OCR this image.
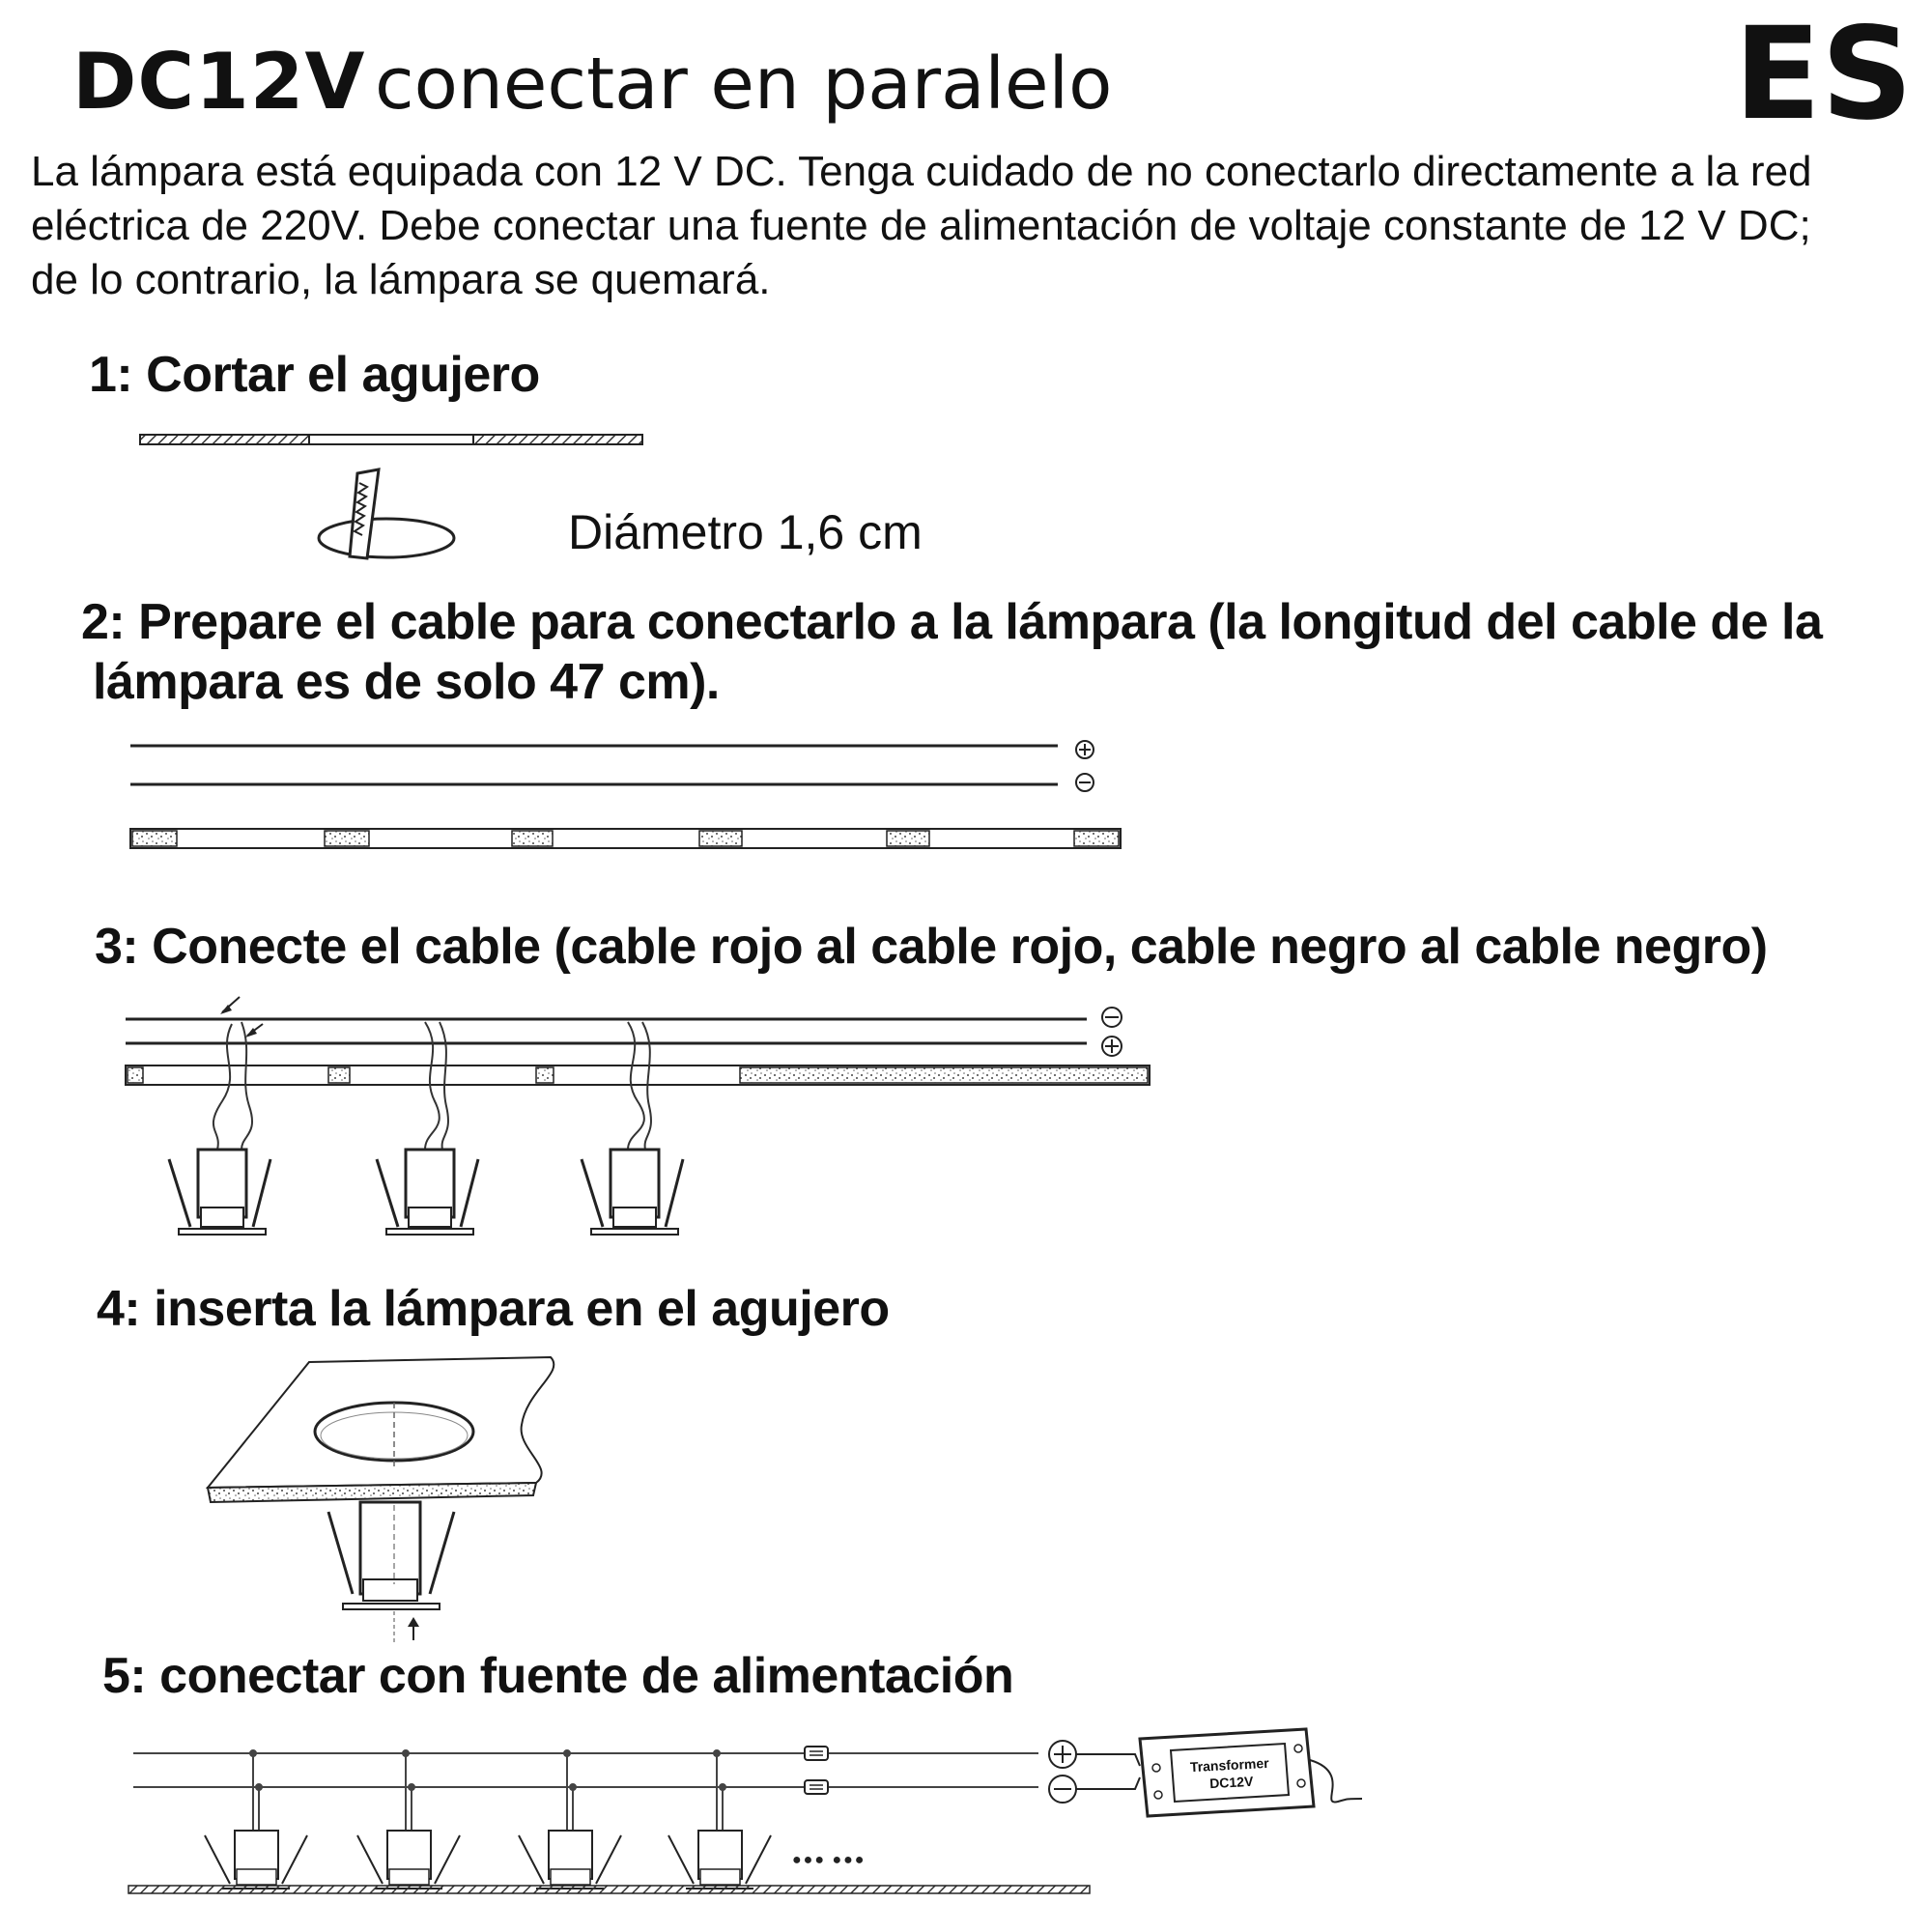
DC12V conectar en paralelo	ES
La lámpara está equipada con 12 V DC. Tenga cuidado de no conectarlo directamente a la red
eléctrica de 220V. Debe conectar una fuente de alimentación de voltaje constante de 12 V DC;
de lo contrario, la lámpara se quemará.
1: Cortar el agujero
Diámetro 1,6 cm
2: Prepare el cable para conectarlo a la lámpara (la longitud del cable de la
lámpara es de solo 47 cm).
3: Conecte el cable (cable rojo al cable rojo, cable negro al cable negro)
4: inserta la lámpara en el agujero
5: conectar con fuente de alimentación
Transformer
DC12V
●●● ●●●
